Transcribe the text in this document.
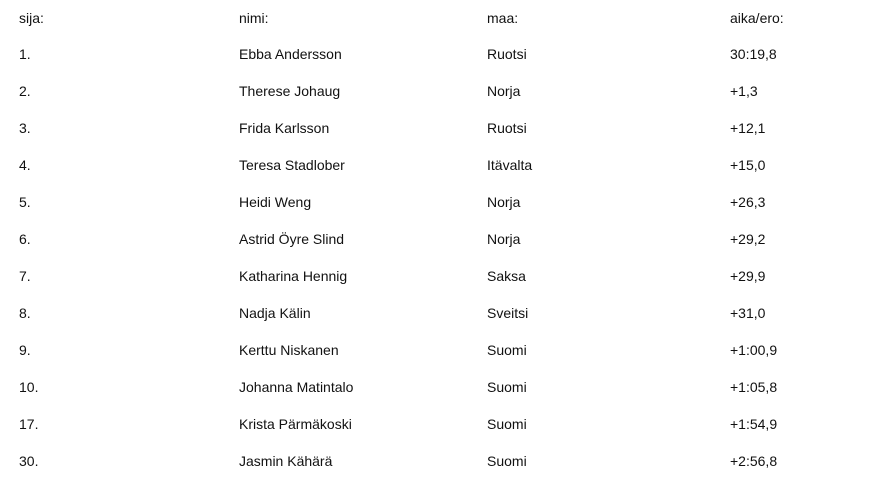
sija:	nimi:	maa:	aika/ero:
1.	Ebba Andersson	Ruotsi	30:19,8
2.	Therese Johaug	Norja	+1,3
3.	Frida Karlsson	Ruotsi	+12,1
4.	Teresa Stadlober	Itävalta	+15,0
5.	Heidi Weng	Norja	+26,3
6.	Astrid Öyre Slind	Norja	+29,2
7.	Katharina Hennig	Saksa	+29,9
8.	Nadja Kälin	Sveitsi	+31,0
9.	Kerttu Niskanen	Suomi	+1:00,9
10.	Johanna Matintalo	Suomi	+1:05,8
17.	Krista Pärmäkoski	Suomi	+1:54,9
30.	Jasmin Kähärä	Suomi	+2:56,8
